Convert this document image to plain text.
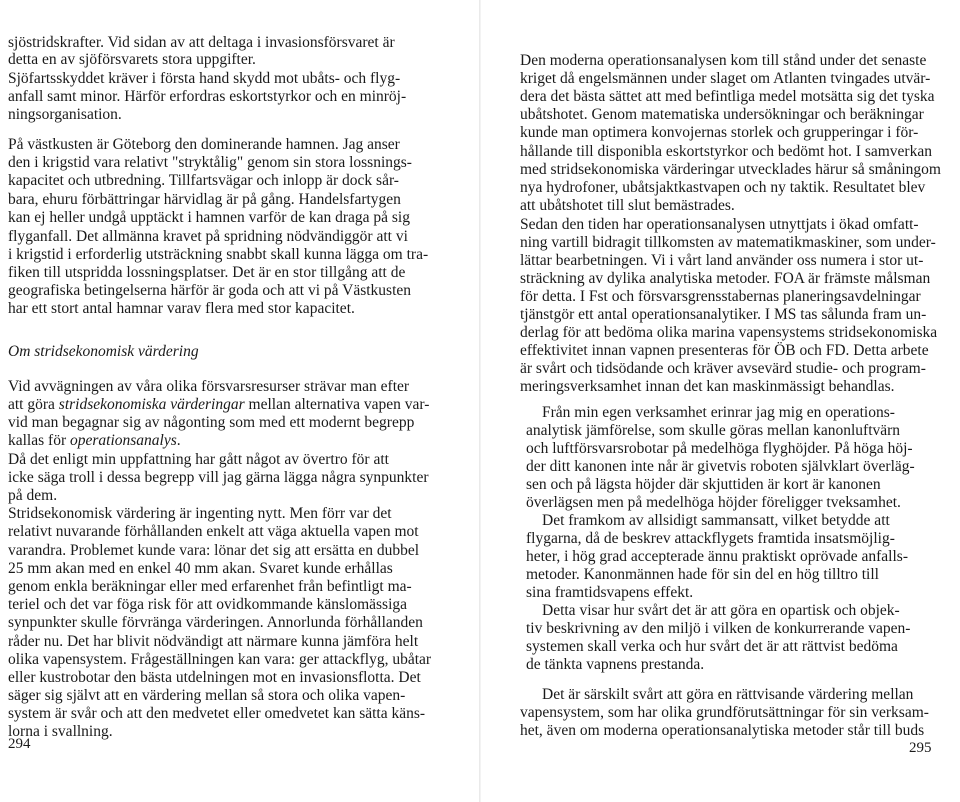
sjöstridskrafter. Vid sidan av att deltaga i invasionsförsvaret är
detta en av sjöförsvarets stora uppgifter.
Sjöfartsskyddet kräver i första hand skydd mot ubåts- och flyg-
anfall samt minor. Härför erfordras eskortstyrkor och en minröj-
ningsorganisation.
På västkusten är Göteborg den dominerande hamnen. Jag anser
den i krigstid vara relativt "stryktålig" genom sin stora lossnings-
kapacitet och utbredning. Tillfartsvägar och inlopp är dock sår-
bara, ehuru förbättringar härvidlag är på gång. Handelsfartygen
kan ej heller undgå upptäckt i hamnen varför de kan draga på sig
flyganfall. Det allmänna kravet på spridning nödvändiggör att vi
i krigstid i erforderlig utsträckning snabbt skall kunna lägga om tra-
fiken till utspridda lossningsplatser. Det är en stor tillgång att de
geografiska betingelserna härför är goda och att vi på Västkusten
har ett stort antal hamnar varav flera med stor kapacitet.
Om stridsekonomisk värdering
Vid avvägningen av våra olika försvarsresurser strävar man efter
att göra stridsekonomiska värderingar mellan alternativa vapen var-
vid man begagnar sig av någonting som med ett modernt begrepp
kallas för operationsanalys.
Då det enligt min uppfattning har gått något av övertro för att
icke säga troll i dessa begrepp vill jag gärna lägga några synpunkter
på dem.
Stridsekonomisk värdering är ingenting nytt. Men förr var det
relativt nuvarande förhållanden enkelt att väga aktuella vapen mot
varandra. Problemet kunde vara: lönar det sig att ersätta en dubbel
25 mm akan med en enkel 40 mm akan. Svaret kunde erhållas
genom enkla beräkningar eller med erfarenhet från befintligt ma-
teriel och det var föga risk för att ovidkommande känslomässiga
synpunkter skulle förvränga värderingen. Annorlunda förhållanden
råder nu. Det har blivit nödvändigt att närmare kunna jämföra helt
olika vapensystem. Frågeställningen kan vara: ger attackflyg, ubåtar
eller kustrobotar den bästa utdelningen mot en invasionsflotta. Det
säger sig självt att en värdering mellan så stora och olika vapen-
system är svår och att den medvetet eller omedvetet kan sätta käns-
lorna i svallning.
294
Den moderna operationsanalysen kom till stånd under det senaste
kriget då engelsmännen under slaget om Atlanten tvingades utvär-
dera det bästa sättet att med befintliga medel motsätta sig det tyska
ubåtshotet. Genom matematiska undersökningar och beräkningar
kunde man optimera konvojernas storlek och grupperingar i för-
hållande till disponibla eskortstyrkor och bedömt hot. I samverkan
med stridsekonomiska värderingar utvecklades härur så småningom
nya hydrofoner, ubåtsjaktkastvapen och ny taktik. Resultatet blev
att ubåtshotet till slut bemästrades.
Sedan den tiden har operationsanalysen utnyttjats i ökad omfatt-
ning vartill bidragit tillkomsten av matematikmaskiner, som under-
lättar bearbetningen. Vi i vårt land använder oss numera i stor ut-
sträckning av dylika analytiska metoder. FOA är främste målsman
för detta. I Fst och försvarsgrensstabernas planeringsavdelningar
tjänstgör ett antal operationsanalytiker. I MS tas sålunda fram un-
derlag för att bedöma olika marina vapensystems stridsekonomiska
effektivitet innan vapnen presenteras för ÖB och FD. Detta arbete
är svårt och tidsödande och kräver avsevärd studie- och program-
meringsverksamhet innan det kan maskinmässigt behandlas.
Från min egen verksamhet erinrar jag mig en operations-
analytisk jämförelse, som skulle göras mellan kanonluftvärn
och luftförsvarsrobotar på medelhöga flyghöjder. På höga höj-
der ditt kanonen inte når är givetvis roboten självklart överläg-
sen och på lägsta höjder där skjuttiden är kort är kanonen
överlägsen men på medelhöga höjder föreligger tveksamhet.
Det framkom av allsidigt sammansatt, vilket betydde att
flygarna, då de beskrev attackflygets framtida insatsmöjlig-
heter, i hög grad accepterade ännu praktiskt oprövade anfalls-
metoder. Kanonmännen hade för sin del en hög tilltro till
sina framtidsvapens effekt.
Detta visar hur svårt det är att göra en opartisk och objek-
tiv beskrivning av den miljö i vilken de konkurrerande vapen-
systemen skall verka och hur svårt det är att rättvist bedöma
de tänkta vapnens prestanda.
Det är särskilt svårt att göra en rättvisande värdering mellan
vapensystem, som har olika grundförutsättningar för sin verksam-
het, även om moderna operationsanalytiska metoder står till buds
295
